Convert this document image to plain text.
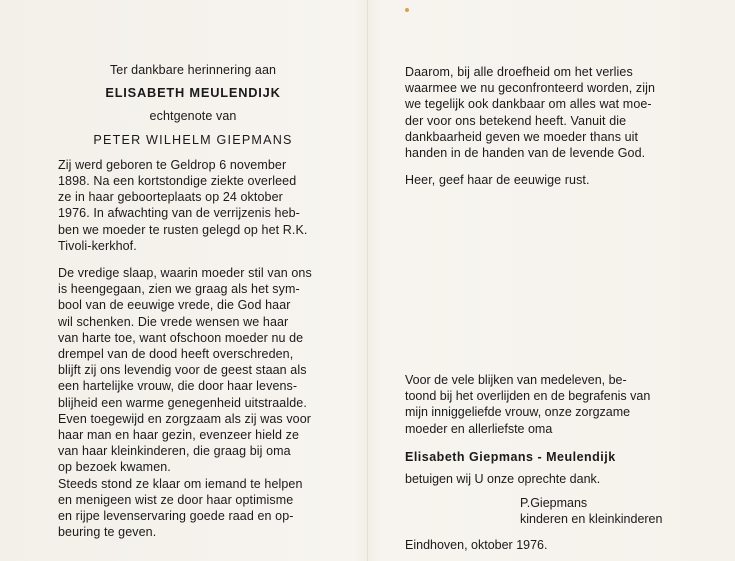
Ter dankbare herinnering aan
ELISABETH MEULENDIJK
echtgenote van
PETER WILHELM GIEPMANS
Zij werd geboren te Geldrop 6 november
1898. Na een kortstondige ziekte overleed
ze in haar geboorteplaats op 24 oktober
1976. In afwachting van de verrijzenis heb-
ben we moeder te rusten gelegd op het R.K.
Tivoli-kerkhof.
De vredige slaap, waarin moeder stil van ons
is heengegaan, zien we graag als het sym-
bool van de eeuwige vrede, die God haar
wil schenken. Die vrede wensen we haar
van harte toe, want ofschoon moeder nu de
drempel van de dood heeft overschreden,
blijft zij ons levendig voor de geest staan als
een hartelijke vrouw, die door haar levens-
blijheid een warme genegenheid uitstraalde.
Even toegewijd en zorgzaam als zij was voor
haar man en haar gezin, evenzeer hield ze
van haar kleinkinderen, die graag bij oma
op bezoek kwamen.
Steeds stond ze klaar om iemand te helpen
en menigeen wist ze door haar optimisme
en rijpe levenservaring goede raad en op-
beuring te geven.
Daarom, bij alle droefheid om het verlies
waarmee we nu geconfronteerd worden, zijn
we tegelijk ook dankbaar om alles wat moe-
der voor ons betekend heeft. Vanuit die
dankbaarheid geven we moeder thans uit
handen in de handen van de levende God.
Heer, geef haar de eeuwige rust.
Voor de vele blijken van medeleven, be-
toond bij het overlijden en de begrafenis van
mijn inniggeliefde vrouw, onze zorgzame
moeder en allerliefste oma
Elisabeth Giepmans - Meulendijk
betuigen wij U onze oprechte dank.
P.Giepmans
kinderen en kleinkinderen
Eindhoven, oktober 1976.
